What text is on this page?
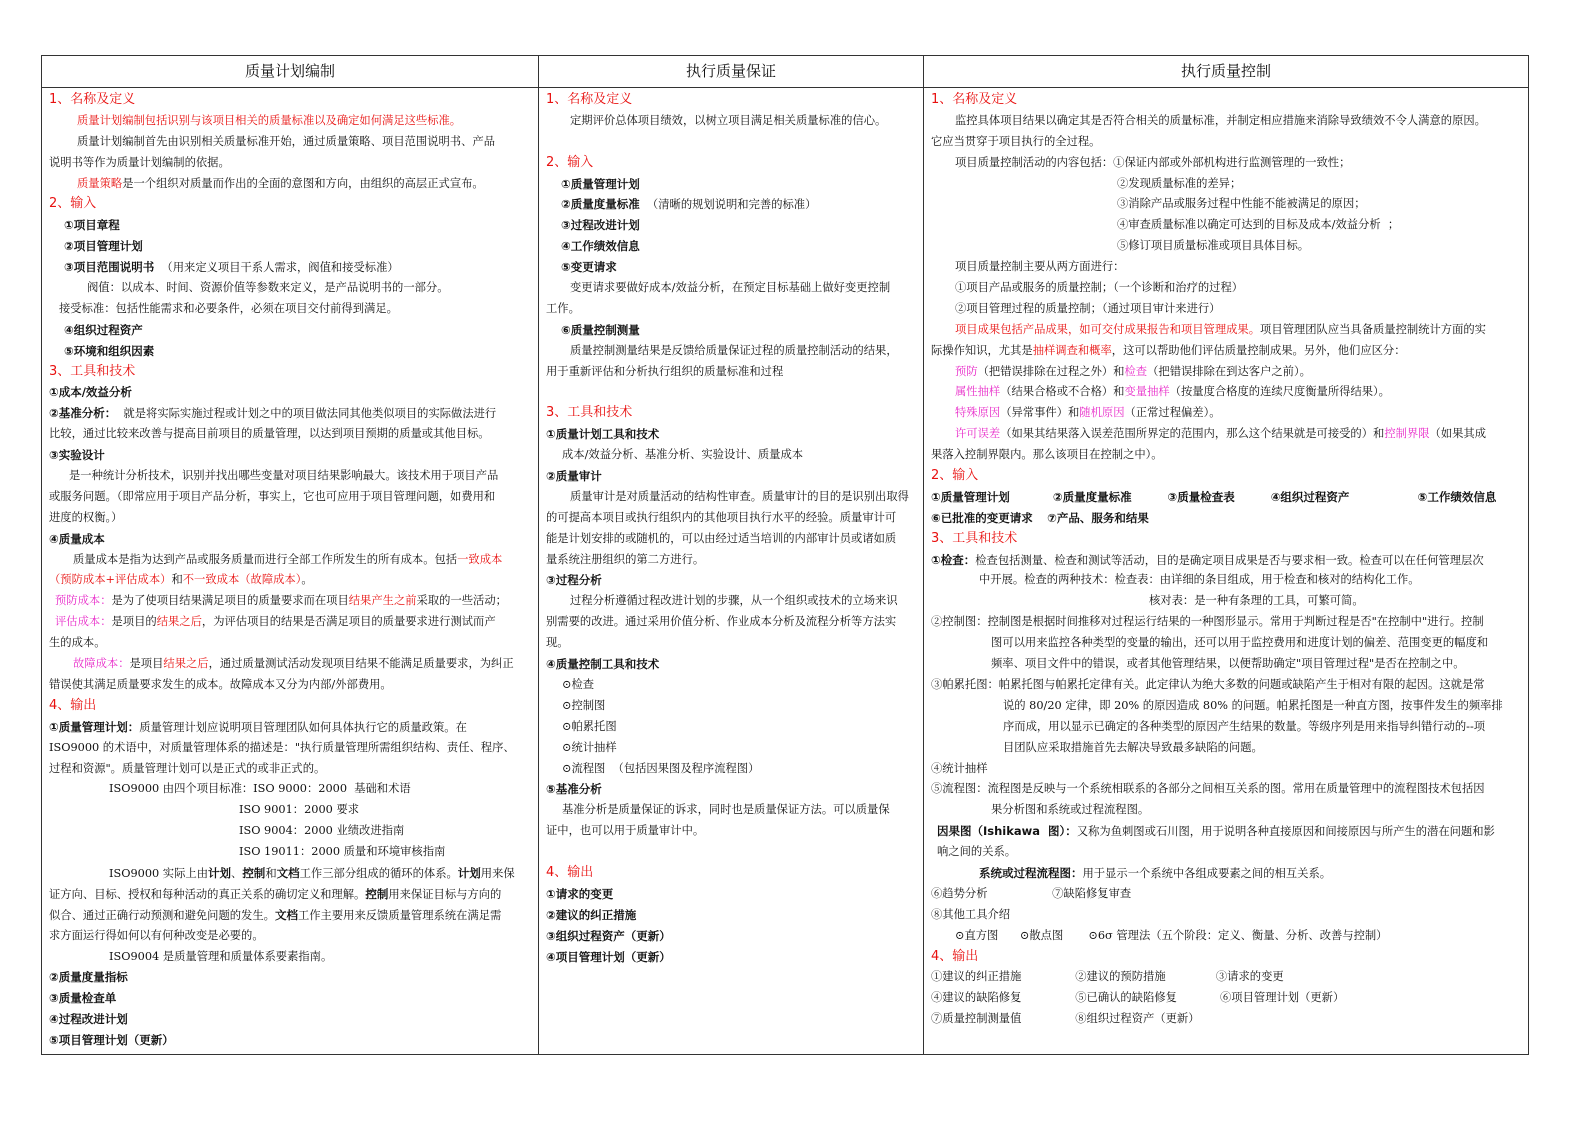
质量计划编制
1、名称及定义
质量计划编制包括识别与该项目相关的质量标准以及确定如何满足这些标准。
质量计划编制首先由识别相关质量标准开始，通过质量策略、项目范围说明书、产品
说明书等作为质量计划编制的依据。
质量策略是一个组织对质量而作出的全面的意图和方向，由组织的高层正式宣布。
2、输入
①项目章程
②项目管理计划
③项目范围说明书  （用来定义项目干系人需求，阀值和接受标准）
阀值：以成本、时间、资源价值等参数来定义，是产品说明书的一部分。
接受标准：包括性能需求和必要条件，必须在项目交付前得到满足。
④组织过程资产
⑤环境和组织因素
3、工具和技术
①成本/效益分析
②基准分析：  就是将实际实施过程或计划之中的项目做法同其他类似项目的实际做法进行
比较，通过比较来改善与提高目前项目的质量管理，以达到项目预期的质量或其他目标。
③实验设计
是一种统计分析技术，识别并找出哪些变量对项目结果影响最大。该技术用于项目产品
或服务问题。（即常应用于项目产品分析，事实上，它也可应用于项目管理问题，如费用和
进度的权衡。）
④质量成本
质量成本是指为达到产品或服务质量而进行全部工作所发生的所有成本。包括一致成本
（预防成本+评估成本）和不一致成本（故障成本）。
预防成本：是为了使项目结果满足项目的质量要求而在项目结果产生之前采取的一些活动；
评估成本：是项目的结果之后，为评估项目的结果是否满足项目的质量要求进行测试而产
生的成本。
故障成本：是项目结果之后，通过质量测试活动发现项目结果不能满足质量要求，为纠正
错误使其满足质量要求发生的成本。故障成本又分为内部/外部费用。
4、输出
①质量管理计划：质量管理计划应说明项目管理团队如何具体执行它的质量政策。在
ISO9000 的术语中，对质量管理体系的描述是："执行质量管理所需组织结构、责任、程序、
过程和资源"。质量管理计划可以是正式的或非正式的。
ISO9000 由四个项目标准：ISO 9000：2000  基础和术语
ISO 9001：2000 要求
ISO 9004：2000 业绩改进指南
ISO 19011：2000 质量和环境审核指南
ISO9000 实际上由计划、控制和文档工作三部分组成的循环的体系。计划用来保
证方向、目标、授权和每种活动的真正关系的确切定义和理解。控制用来保证目标与方向的
似合、通过正确行动预测和避免问题的发生。文档工作主要用来反馈质量管理系统在满足需
求方面运行得如何以有何种改变是必要的。
ISO9004 是质量管理和质量体系要素指南。
②质量度量指标
③质量检查单
④过程改进计划
⑤项目管理计划（更新）
执行质量保证
1、名称及定义
定期评价总体项目绩效，以树立项目满足相关质量标准的信心。
2、输入
①质量管理计划
②质量度量标准  （清晰的规划说明和完善的标准）
③过程改进计划
④工作绩效信息
⑤变更请求
变更请求要做好成本/效益分析，在预定目标基础上做好变更控制
工作。
⑥质量控制测量
质量控制测量结果是反馈给质量保证过程的质量控制活动的结果，
用于重新评估和分析执行组织的质量标准和过程
3、工具和技术
①质量计划工具和技术
成本/效益分析、基准分析、实验设计、质量成本
②质量审计
质量审计是对质量活动的结构性审查。质量审计的目的是识别出取得
的可提高本项目或执行组织内的其他项目执行水平的经验。质量审计可
能是计划安排的或随机的，可以由经过适当培训的内部审计员或诸如质
量系统注册组织的第二方进行。
③过程分析
过程分析遵循过程改进计划的步骤，从一个组织或技术的立场来识
别需要的改进。通过采用价值分析、作业成本分析及流程分析等方法实
现。
④质量控制工具和技术
⊙检查
⊙控制图
⊙帕累托图
⊙统计抽样
⊙流程图  （包括因果图及程序流程图）
⑤基准分析
基准分析是质量保证的诉求，同时也是质量保证方法。可以质量保
证中，也可以用于质量审计中。
4、输出
①请求的变更
②建议的纠正措施
③组织过程资产（更新）
④项目管理计划（更新）
执行质量控制
1、名称及定义
监控具体项目结果以确定其是否符合相关的质量标准，并制定相应措施来消除导致绩效不令人满意的原因。
它应当贯穿于项目执行的全过程。
项目质量控制活动的内容包括：①保证内部或外部机构进行监测管理的一致性；
②发现质量标准的差异；
③消除产品或服务过程中性能不能被满足的原因；
④审查质量标准以确定可达到的目标及成本/效益分析  ；
⑤修订项目质量标准或项目具体目标。
项目质量控制主要从两方面进行：
①项目产品或服务的质量控制；（一个诊断和治疗的过程）
②项目管理过程的质量控制；（通过项目审计来进行）
项目成果包括产品成果，如可交付成果报告和项目管理成果。项目管理团队应当具备质量控制统计方面的实
际操作知识，尤其是抽样调查和概率，这可以帮助他们评估质量控制成果。另外，他们应区分：
预防（把错误排除在过程之外）和检查（把错误排除在到达客户之前）。
属性抽样（结果合格或不合格）和变量抽样（按量度合格度的连续尺度衡量所得结果）。
特殊原因（异常事件）和随机原因（正常过程偏差）。
许可误差（如果其结果落入误差范围所界定的范围内，那么这个结果就是可接受的）和控制界限（如果其成
果落入控制界限内。那么该项目在控制之中）。
2、输入
①质量管理计划	②质量度量标准	③质量检查表	④组织过程资产	⑤工作绩效信息
⑥已批准的变更请求 ⑦产品、服务和结果
3、工具和技术
①检查：检查包括测量、检查和测试等活动，目的是确定项目成果是否与要求相一致。检查可以在任何管理层次
中开展。检查的两种技术：检查表：由详细的条目组成，用于检查和核对的结构化工作。
核对表：是一种有条理的工具，可繁可简。
②控制图：控制图是根据时间推移对过程运行结果的一种图形显示。常用于判断过程是否"在控制中"进行。控制
图可以用来监控各种类型的变量的输出，还可以用于监控费用和进度计划的偏差、范围变更的幅度和
频率、项目文件中的错误，或者其他管理结果，以便帮助确定"项目管理过程"是否在控制之中。
③帕累托图：帕累托图与帕累托定律有关。此定律认为绝大多数的问题或缺陷产生于相对有限的起因。这就是常
说的 80/20 定律，即 20% 的原因造成 80% 的问题。帕累托图是一种直方图，按事件发生的频率排
序而成，用以显示已确定的各种类型的原因产生结果的数量。等级序列是用来指导纠错行动的--项
目团队应采取措施首先去解决导致最多缺陷的问题。
④统计抽样
⑤流程图：流程图是反映与一个系统相联系的各部分之间相互关系的图。常用在质量管理中的流程图技术包括因
果分析图和系统或过程流程图。
因果图（Ishikawa  图）：又称为鱼刺图或石川图，用于说明各种直接原因和间接原因与所产生的潜在问题和影
响之间的关系。
系统或过程流程图：用于显示一个系统中各组成要素之间的相互关系。
⑥趋势分析                  ⑦缺陷修复审查
⑧其他工具介绍
⊙直方图      ⊙散点图       ⊙6σ 管理法（五个阶段：定义、衡量、分析、改善与控制）
4、输出
①建议的纠正措施               ②建议的预防措施              ③请求的变更
④建议的缺陷修复               ⑤已确认的缺陷修复            ⑥项目管理计划（更新）
⑦质量控制测量值               ⑧组织过程资产（更新）
